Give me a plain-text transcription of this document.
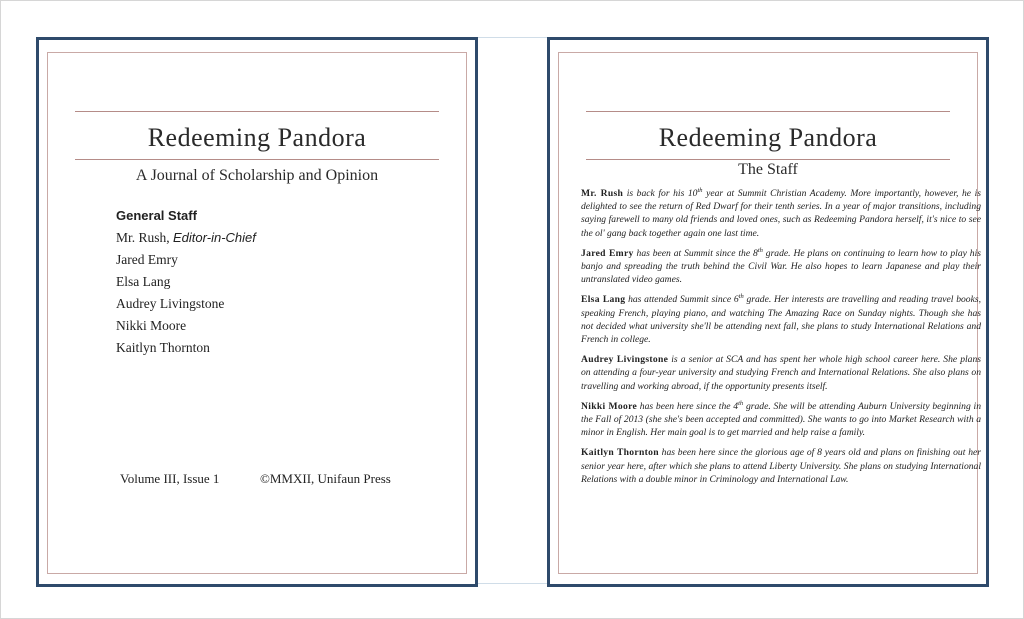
Redeeming Pandora
A Journal of Scholarship and Opinion
General Staff
Mr. Rush, Editor-in-Chief
Jared Emry
Elsa Lang
Audrey Livingstone
Nikki Moore
Kaitlyn Thornton
Volume III, Issue 1	©MMXII, Unifaun Press
Redeeming Pandora
The Staff

Mr. Rush is back for his 10th year at Summit Christian Academy. More importantly, however, he is delighted to see the return of Red Dwarf for their tenth series. In a year of major transitions, including saying farewell to many old friends and loved ones, such as Redeeming Pandora herself, it's nice to see the ol' gang back together again one last time.

Jared Emry has been at Summit since the 8th grade. He plans on continuing to learn how to play his banjo and spreading the truth behind the Civil War. He also hopes to learn Japanese and play their untranslated video games.

Elsa Lang has attended Summit since 6th grade. Her interests are travelling and reading travel books, speaking French, playing piano, and watching The Amazing Race on Sunday nights. Though she has not decided what university she'll be attending next fall, she plans to study International Relations and French in college.

Audrey Livingstone is a senior at SCA and has spent her whole high school career here. She plans on attending a four-year university and studying French and International Relations. She also plans on travelling and working abroad, if the opportunity presents itself.

Nikki Moore has been here since the 4th grade. She will be attending Auburn University beginning in the Fall of 2013 (she she's been accepted and committed). She wants to go into Market Research with a minor in English. Her main goal is to get married and help raise a family.

Kaitlyn Thornton has been here since the glorious age of 8 years old and plans on finishing out her senior year here, after which she plans to attend Liberty University. She plans on studying International Relations with a double minor in Criminology and International Law.
